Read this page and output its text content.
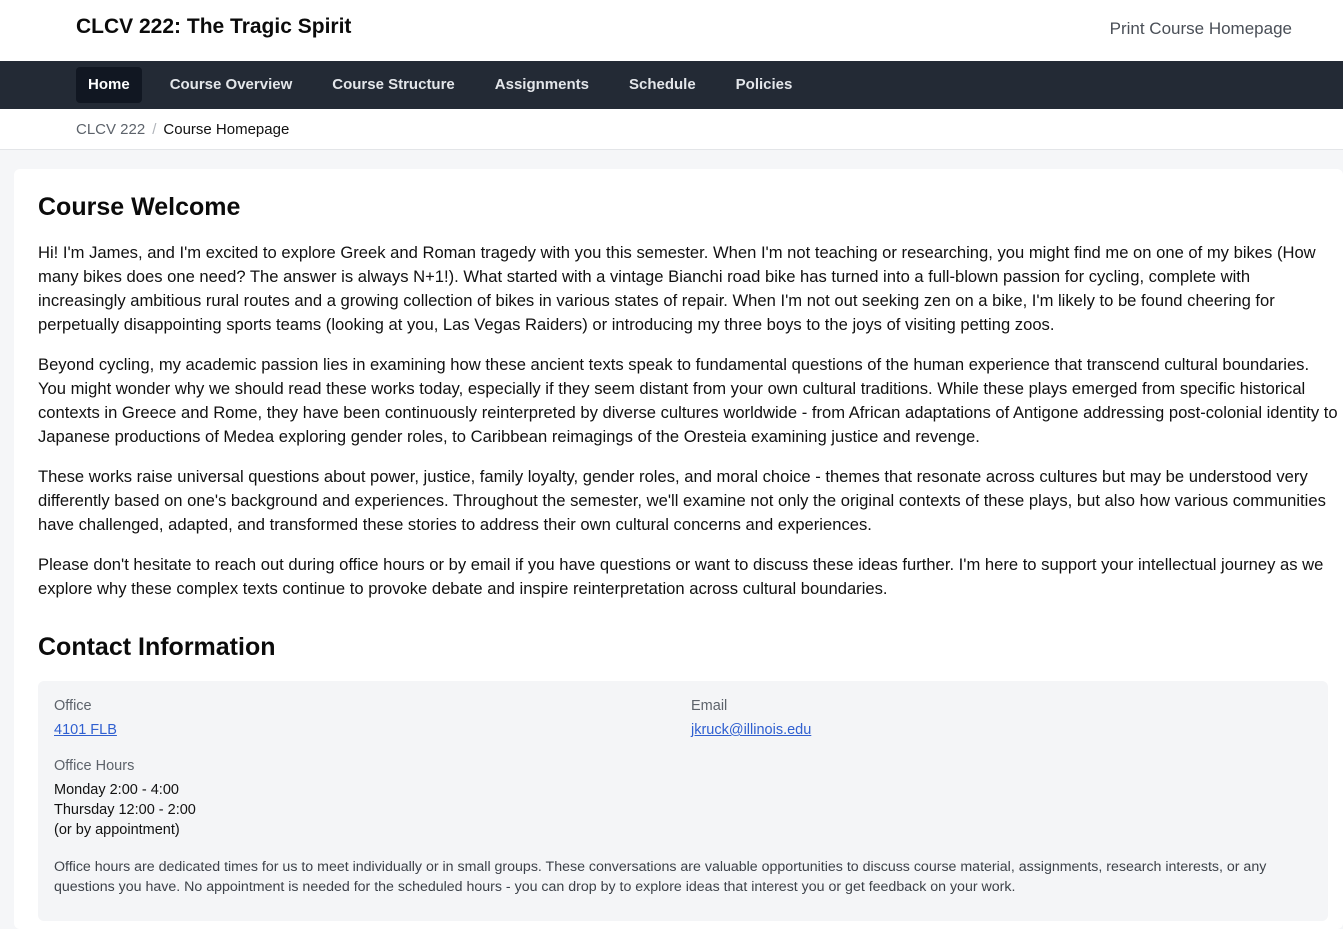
CLCV 222: The Tragic Spirit	Print Course Homepage
Home	Course Overview	Course Structure	Assignments	Schedule	Policies
CLCV 222 / Course Homepage
Course Welcome

Hi! I'm James, and I'm excited to explore Greek and Roman tragedy with you this semester. When I'm not teaching or researching, you might find me on one of my bikes (How many bikes does one need? The answer is always N+1!). What started with a vintage Bianchi road bike has turned into a full-blown passion for cycling, complete with increasingly ambitious rural routes and a growing collection of bikes in various states of repair. When I'm not out seeking zen on a bike, I'm likely to be found cheering for perpetually disappointing sports teams (looking at you, Las Vegas Raiders) or introducing my three boys to the joys of visiting petting zoos.

Beyond cycling, my academic passion lies in examining how these ancient texts speak to fundamental questions of the human experience that transcend cultural boundaries. You might wonder why we should read these works today, especially if they seem distant from your own cultural traditions. While these plays emerged from specific historical contexts in Greece and Rome, they have been continuously reinterpreted by diverse cultures worldwide - from African adaptations of Antigone addressing post-colonial identity to Japanese productions of Medea exploring gender roles, to Caribbean reimagings of the Oresteia examining justice and revenge.

These works raise universal questions about power, justice, family loyalty, gender roles, and moral choice - themes that resonate across cultures but may be understood very differently based on one's background and experiences. Throughout the semester, we'll examine not only the original contexts of these plays, but also how various communities have challenged, adapted, and transformed these stories to address their own cultural concerns and experiences.

Please don't hesitate to reach out during office hours or by email if you have questions or want to discuss these ideas further. I'm here to support your intellectual journey as we explore why these complex texts continue to provoke debate and inspire reinterpretation across cultural boundaries.

Contact Information
Office
4101 FLB
Email
jkruck@illinois.edu
Office Hours
Monday 2:00 - 4:00
Thursday 12:00 - 2:00
(or by appointment)

Office hours are dedicated times for us to meet individually or in small groups. These conversations are valuable opportunities to discuss course material, assignments, research interests, or any questions you have. No appointment is needed for the scheduled hours - you can drop by to explore ideas that interest you or get feedback on your work.
